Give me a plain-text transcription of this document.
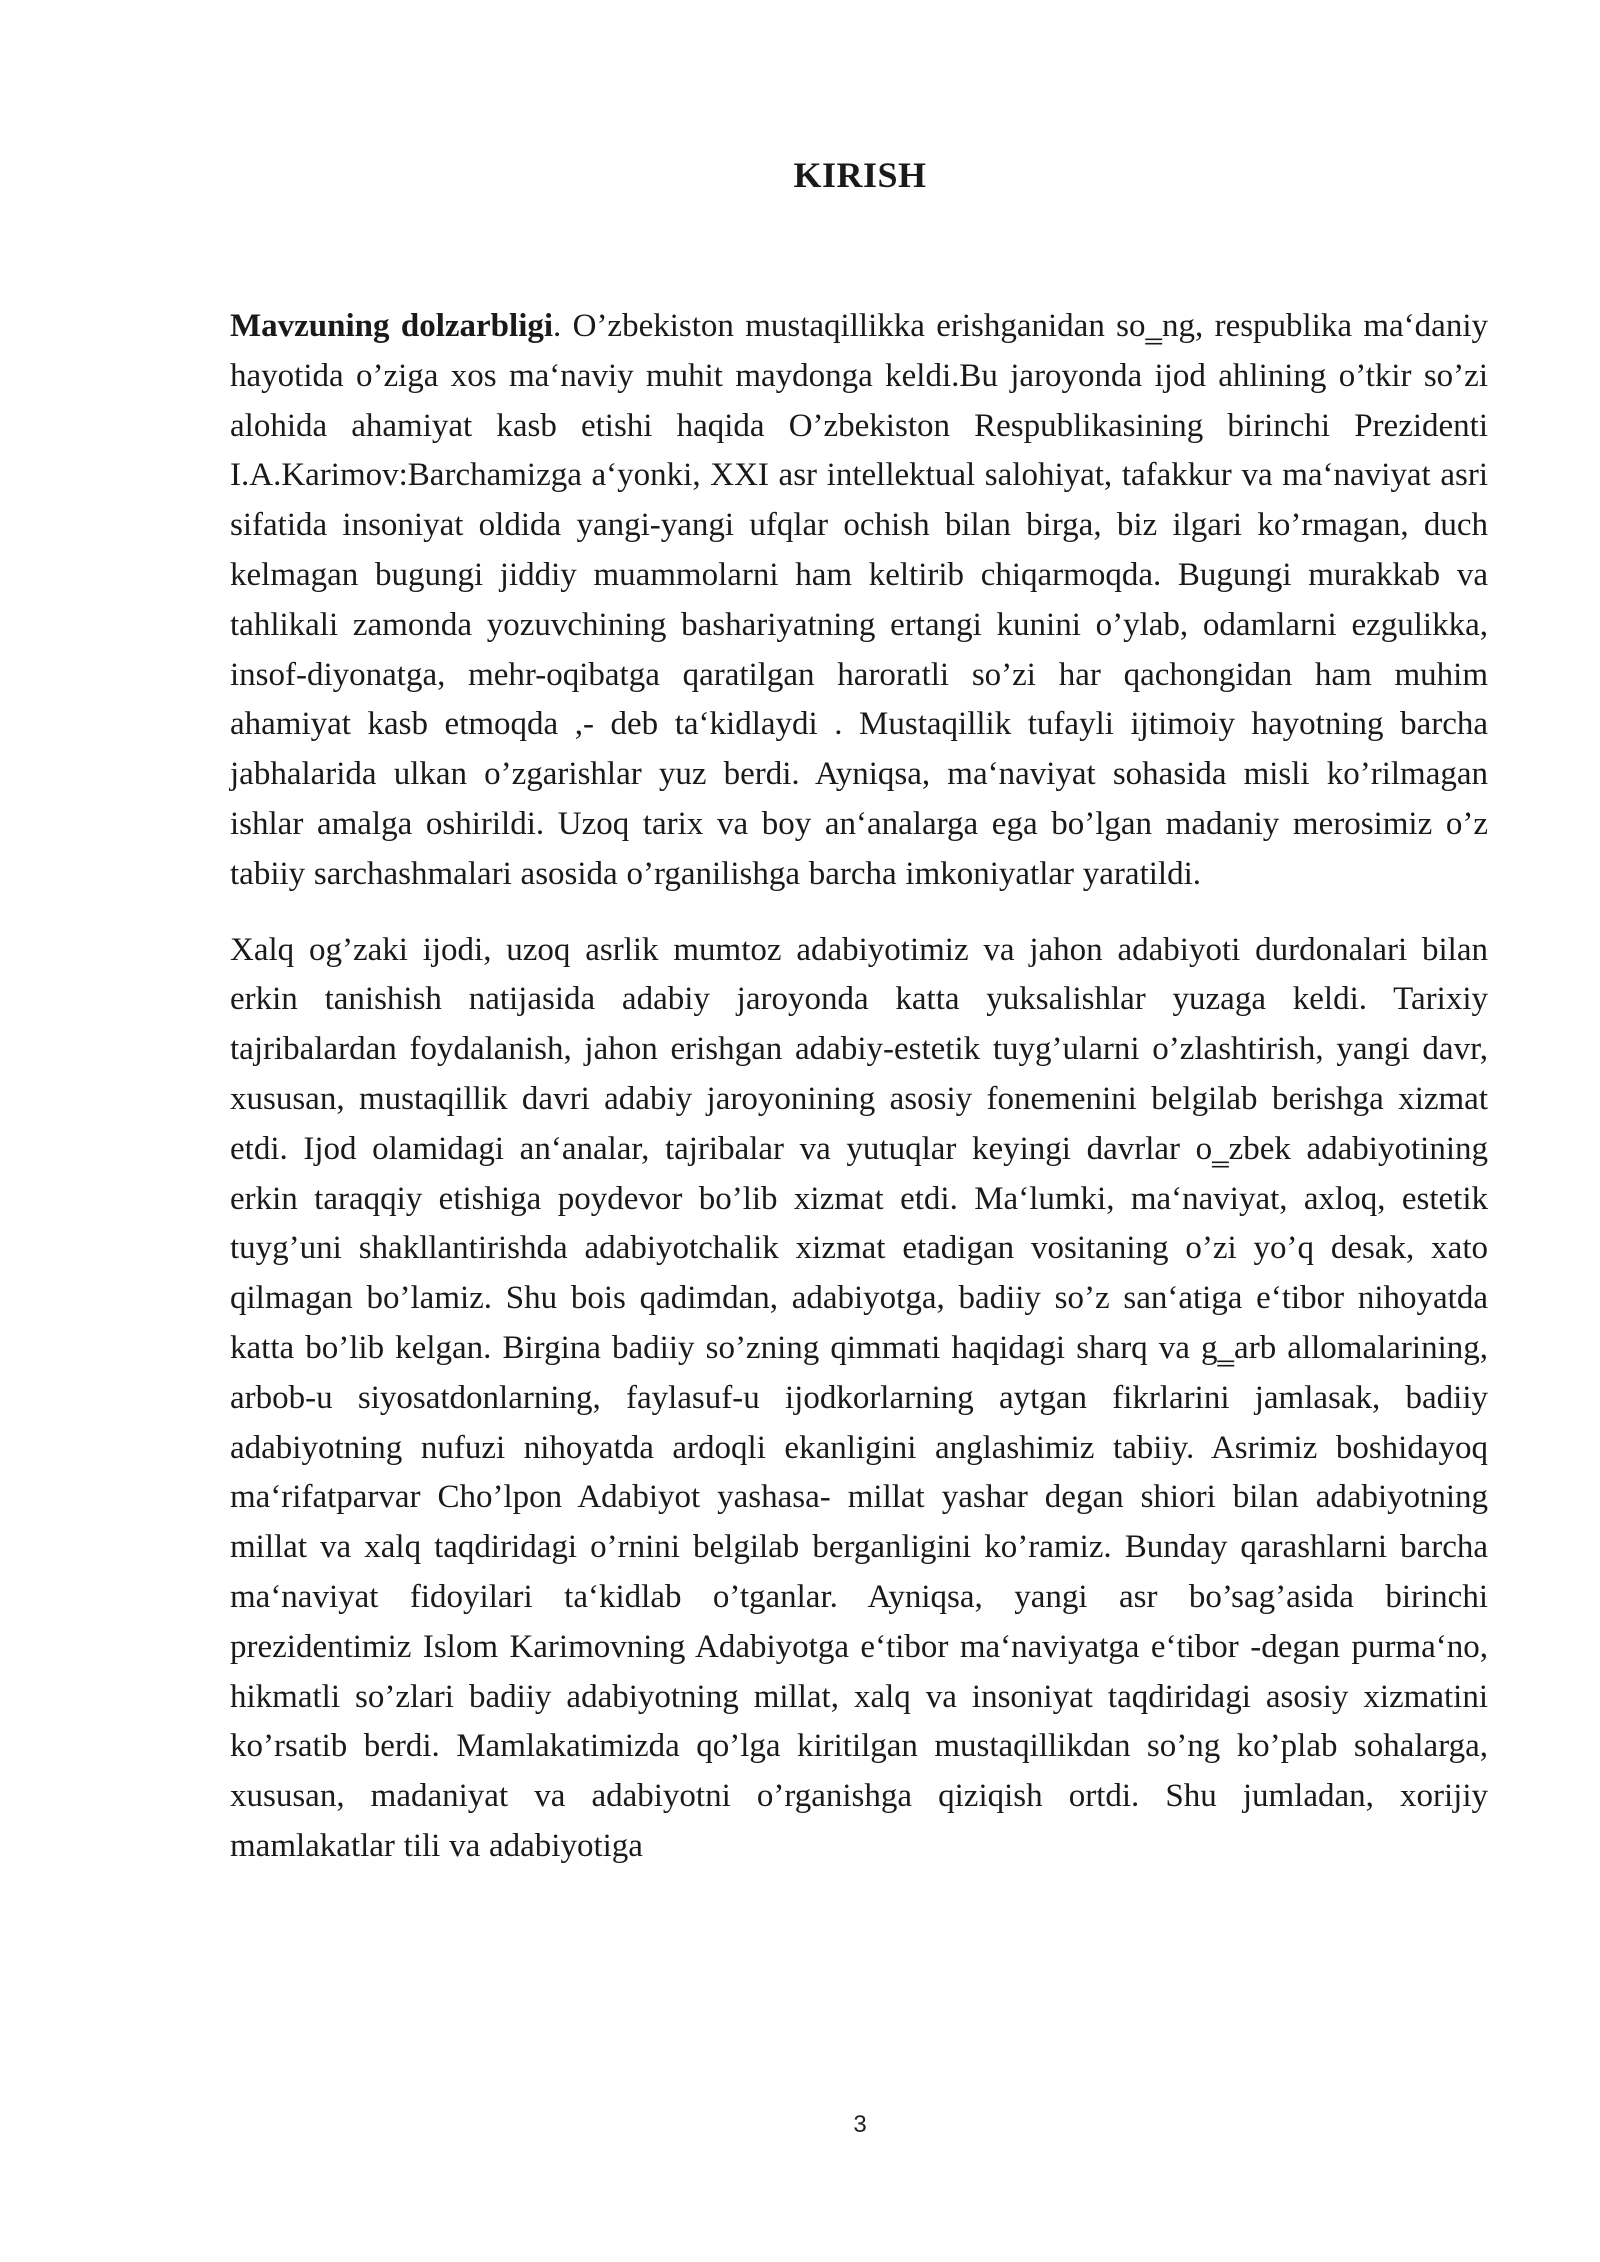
KIRISH

Mavzuning dolzarbligi. O’zbekiston mustaqillikka erishganidan so‗ng, respublika ma‘daniy hayotida o’ziga xos ma‘naviy muhit maydonga keldi.Bu jaroyonda ijod ahlining o’tkir so’zi alohida ahamiyat kasb etishi haqida O’zbekiston Respublikasining birinchi Prezidenti I.A.Karimov:Barchamizga a‘yonki, XXI asr intellektual salohiyat, tafakkur va ma‘naviyat asri sifatida insoniyat oldida yangi-yangi ufqlar ochish bilan birga, biz ilgari ko’rmagan, duch kelmagan bugungi jiddiy muammolarni ham keltirib chiqarmoqda. Bugungi murakkab va tahlikali zamonda yozuvchining bashariyatning ertangi kunini o’ylab, odamlarni ezgulikka, insof-diyonatga, mehr-oqibatga qaratilgan haroratli so’zi har qachongidan ham muhim ahamiyat kasb etmoqda ,- deb ta‘kidlaydi . Mustaqillik tufayli ijtimoiy hayotning barcha jabhalarida ulkan o’zgarishlar yuz berdi. Ayniqsa, ma‘naviyat sohasida misli ko’rilmagan ishlar amalga oshirildi. Uzoq tarix va boy an‘analarga ega bo’lgan madaniy merosimiz o’z tabiiy sarchashmalari asosida o’rganilishga barcha imkoniyatlar yaratildi.

Xalq og’zaki ijodi, uzoq asrlik mumtoz adabiyotimiz va jahon adabiyoti durdonalari bilan erkin tanishish natijasida adabiy jaroyonda katta yuksalishlar yuzaga keldi. Tarixiy tajribalardan foydalanish, jahon erishgan adabiy-estetik tuyg’ularni o’zlashtirish, yangi davr, xususan, mustaqillik davri adabiy jaroyonining asosiy fonemenini belgilab berishga xizmat etdi. Ijod olamidagi an‘analar, tajribalar va yutuqlar keyingi davrlar o‗zbek adabiyotining erkin taraqqiy etishiga poydevor bo’lib xizmat etdi. Ma‘lumki, ma‘naviyat, axloq, estetik tuyg’uni shakllantirishda adabiyotchalik xizmat etadigan vositaning o’zi yo’q desak, xato qilmagan bo’lamiz. Shu bois qadimdan, adabiyotga, badiiy so’z san‘atiga e‘tibor nihoyatda katta bo’lib kelgan. Birgina badiiy so’zning qimmati haqidagi sharq va g‗arb allomalarining, arbob-u siyosatdonlarning, faylasuf-u ijodkorlarning aytgan fikrlarini jamlasak, badiiy adabiyotning nufuzi nihoyatda ardoqli ekanligini anglashimiz tabiiy. Asrimiz boshidayoq ma‘rifatparvar Cho’lpon Adabiyot yashasa- millat yashar degan shiori bilan adabiyotning millat va xalq taqdiridagi o’rnini belgilab berganligini ko’ramiz. Bunday qarashlarni barcha ma‘naviyat fidoyilari ta‘kidlab o’tganlar. Ayniqsa, yangi asr bo’sag’asida birinchi prezidentimiz Islom Karimovning Adabiyotga e‘tibor ma‘naviyatga e‘tibor -degan purma‘no, hikmatli so’zlari badiiy adabiyotning millat, xalq va insoniyat taqdiridagi asosiy xizmatini ko’rsatib berdi. Mamlakatimizda qo’lga kiritilgan mustaqillikdan so’ng ko’plab sohalarga, xususan, madaniyat va adabiyotni o’rganishga qiziqish ortdi. Shu jumladan, xorijiy mamlakatlar tili va adabiyotiga

3
